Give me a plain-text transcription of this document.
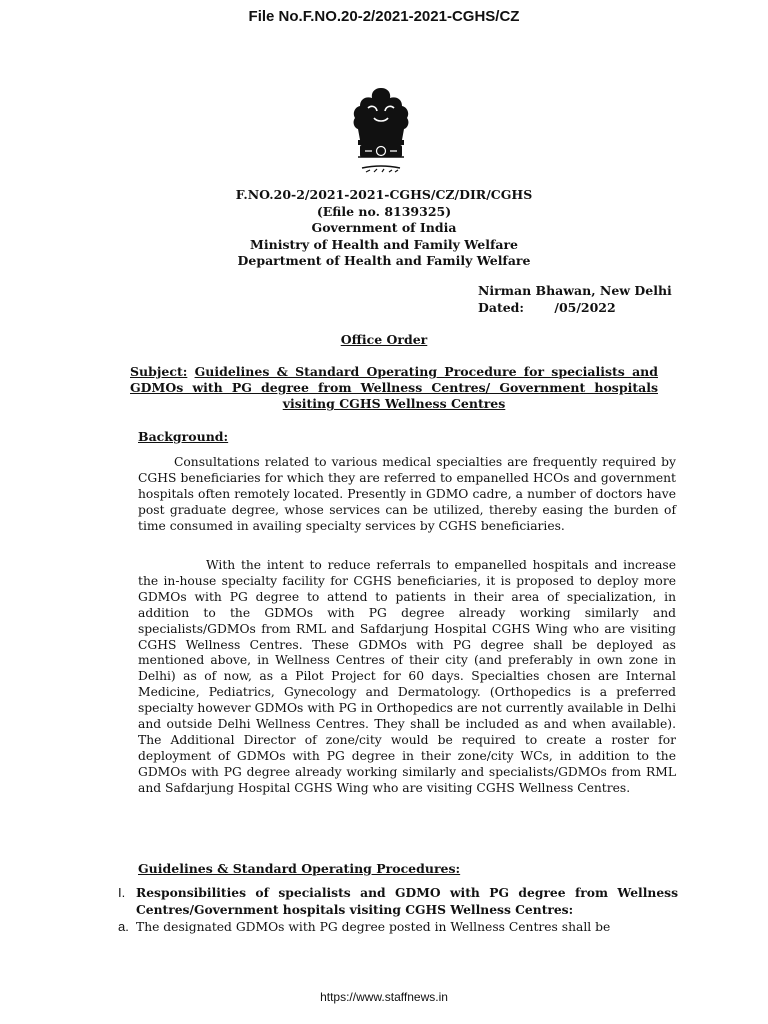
File No.F.NO.20-2/2021-2021-CGHS/CZ
F.NO.20-2/2021-2021-CGHS/CZ/DIR/CGHS
(Efile no. 8139325)
Government of India
Ministry of Health and Family Welfare
Department of Health and Family Welfare
Nirman Bhawan, New Delhi
Dated: /05/2022
Office Order
Subject: Guidelines & Standard Operating Procedure for specialists and GDMOs with PG degree from Wellness Centres/ Government hospitals visiting CGHS Wellness Centres
Background:
Consultations related to various medical specialties are frequently required by CGHS beneficiaries for which they are referred to empanelled HCOs and government hospitals often remotely located. Presently in GDMO cadre, a number of doctors have post graduate degree, whose services can be utilized, thereby easing the burden of time consumed in availing specialty services by CGHS beneficiaries.
With the intent to reduce referrals to empanelled hospitals and increase the in-house specialty facility for CGHS beneficiaries, it is proposed to deploy more GDMOs with PG degree to attend to patients in their area of specialization, in addition to the GDMOs with PG degree already working similarly and specialists/GDMOs from RML and Safdarjung Hospital CGHS Wing who are visiting CGHS Wellness Centres. These GDMOs with PG degree shall be deployed as mentioned above, in Wellness Centres of their city (and preferably in own zone in Delhi) as of now, as a Pilot Project for 60 days. Specialties chosen are Internal Medicine, Pediatrics, Gynecology and Dermatology. (Orthopedics is a preferred specialty however GDMOs with PG in Orthopedics are not currently available in Delhi and outside Delhi Wellness Centres. They shall be included as and when available). The Additional Director of zone/city would be required to create a roster for deployment of GDMOs with PG degree in their zone/city WCs, in addition to the GDMOs with PG degree already working similarly and specialists/GDMOs from RML and Safdarjung Hospital CGHS Wing who are visiting CGHS Wellness Centres.
Guidelines & Standard Operating Procedures:
I. Responsibilities of specialists and GDMO with PG degree from Wellness Centres/Government hospitals visiting CGHS Wellness Centres:
a. The designated GDMOs with PG degree posted in Wellness Centres shall be
https://www.staffnews.in
